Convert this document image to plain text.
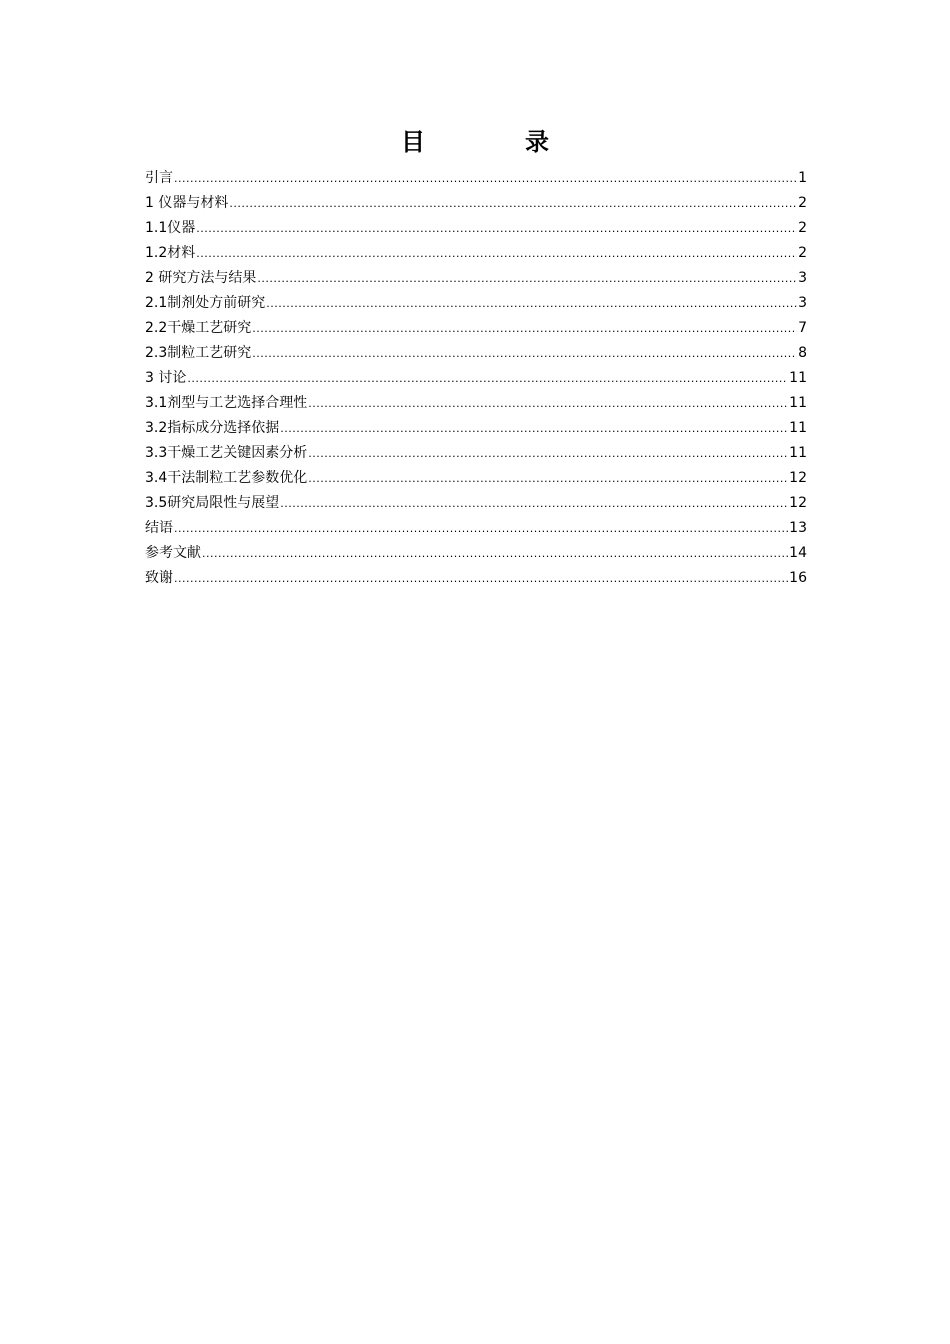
目　录
引言 .....	1
1 仪器与材料 .....	2
1.1仪器 .....	2
1.2材料 .....	2
2 研究方法与结果 .....	3
2.1制剂处方前研究 .....	3
2.2干燥工艺研究 .....	7
2.3制粒工艺研究 .....	8
3 讨论 .....	11
3.1剂型与工艺选择合理性 .....	11
3.2指标成分选择依据 .....	11
3.3干燥工艺关键因素分析 .....	11
3.4干法制粒工艺参数优化 .....	12
3.5研究局限性与展望 .....	12
结语 .....	13
参考文献 .....	14
致谢 .....	16
